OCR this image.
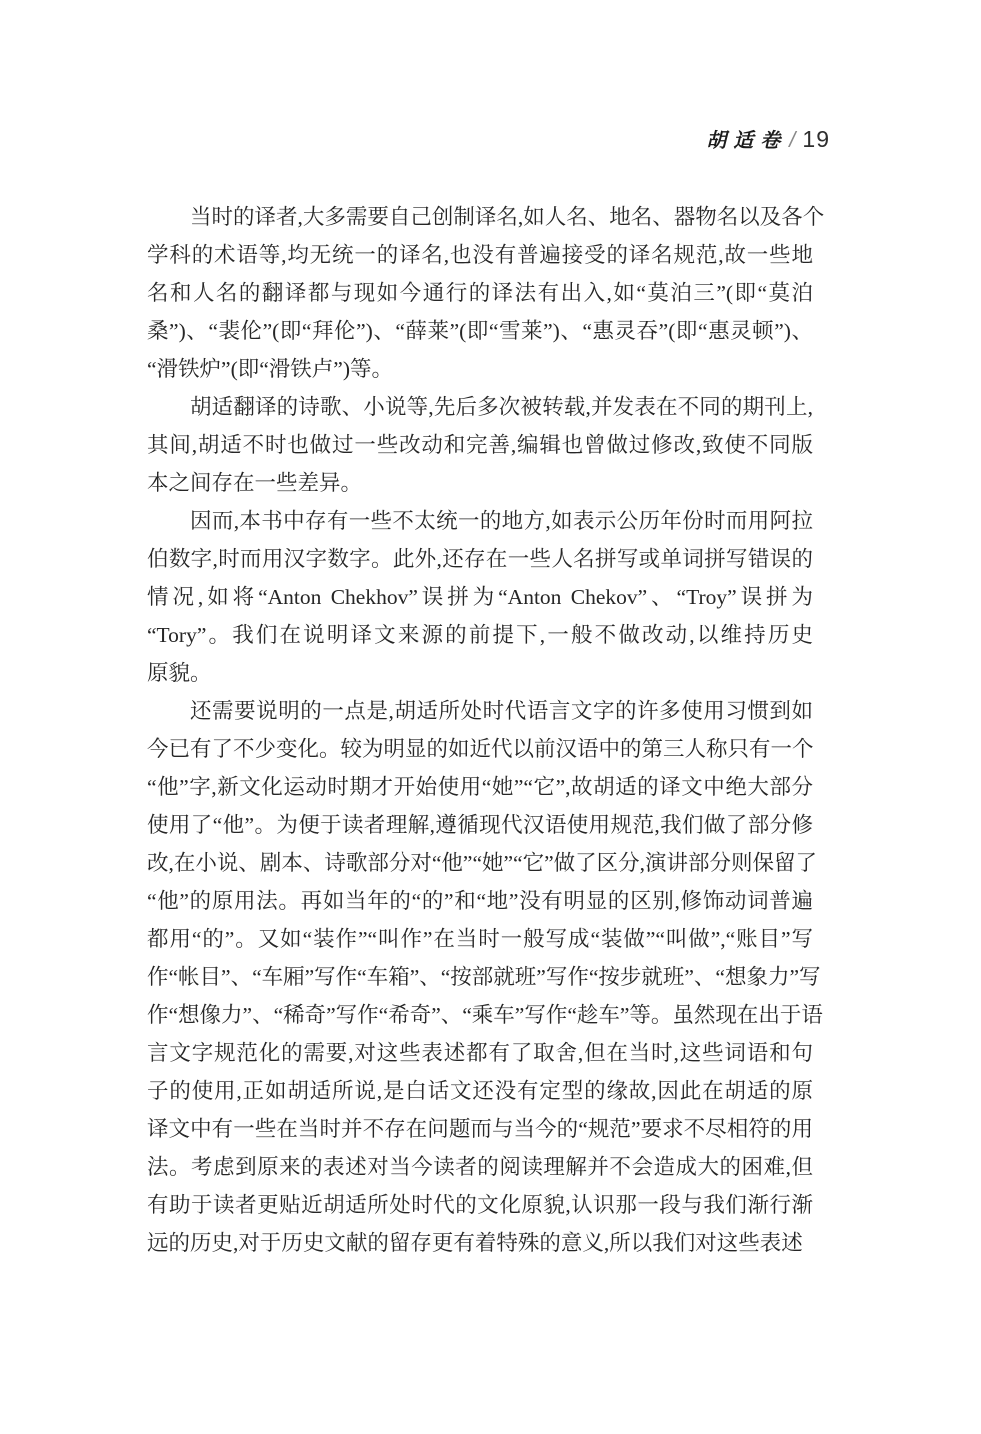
胡适卷 / 19
当时的译者,大多需要自己创制译名,如人名、地名、器物名以及各个
学科的术语等,均无统一的译名,也没有普遍接受的译名规范,故一些地
名和人名的翻译都与现如今通行的译法有出入,如“莫泊三”(即“莫泊
桑”)、“裴伦”(即“拜伦”)、“薛莱”(即“雪莱”)、“惠灵吞”(即“惠灵顿”)、
“滑铁炉”(即“滑铁卢”)等。
胡适翻译的诗歌、小说等,先后多次被转载,并发表在不同的期刊上,
其间,胡适不时也做过一些改动和完善,编辑也曾做过修改,致使不同版
本之间存在一些差异。
因而,本书中存有一些不太统一的地方,如表示公历年份时而用阿拉
伯数字,时而用汉字数字。此外,还存在一些人名拼写或单词拼写错误的
情况,如将“Anton Chekhov”误拼为“Anton Chekov”、“Troy”误拼为
“Tory”。我们在说明译文来源的前提下,一般不做改动,以维持历史
原貌。
还需要说明的一点是,胡适所处时代语言文字的许多使用习惯到如
今已有了不少变化。较为明显的如近代以前汉语中的第三人称只有一个
“他”字,新文化运动时期才开始使用“她”“它”,故胡适的译文中绝大部分
使用了“他”。为便于读者理解,遵循现代汉语使用规范,我们做了部分修
改,在小说、剧本、诗歌部分对“他”“她”“它”做了区分,演讲部分则保留了
“他”的原用法。再如当年的“的”和“地”没有明显的区别,修饰动词普遍
都用“的”。又如“装作”“叫作”在当时一般写成“装做”“叫做”,“账目”写
作“帐目”、“车厢”写作“车箱”、“按部就班”写作“按步就班”、“想象力”写
作“想像力”、“稀奇”写作“希奇”、“乘车”写作“趁车”等。虽然现在出于语
言文字规范化的需要,对这些表述都有了取舍,但在当时,这些词语和句
子的使用,正如胡适所说,是白话文还没有定型的缘故,因此在胡适的原
译文中有一些在当时并不存在问题而与当今的“规范”要求不尽相符的用
法。考虑到原来的表述对当今读者的阅读理解并不会造成大的困难,但
有助于读者更贴近胡适所处时代的文化原貌,认识那一段与我们渐行渐
远的历史,对于历史文献的留存更有着特殊的意义,所以我们对这些表述
